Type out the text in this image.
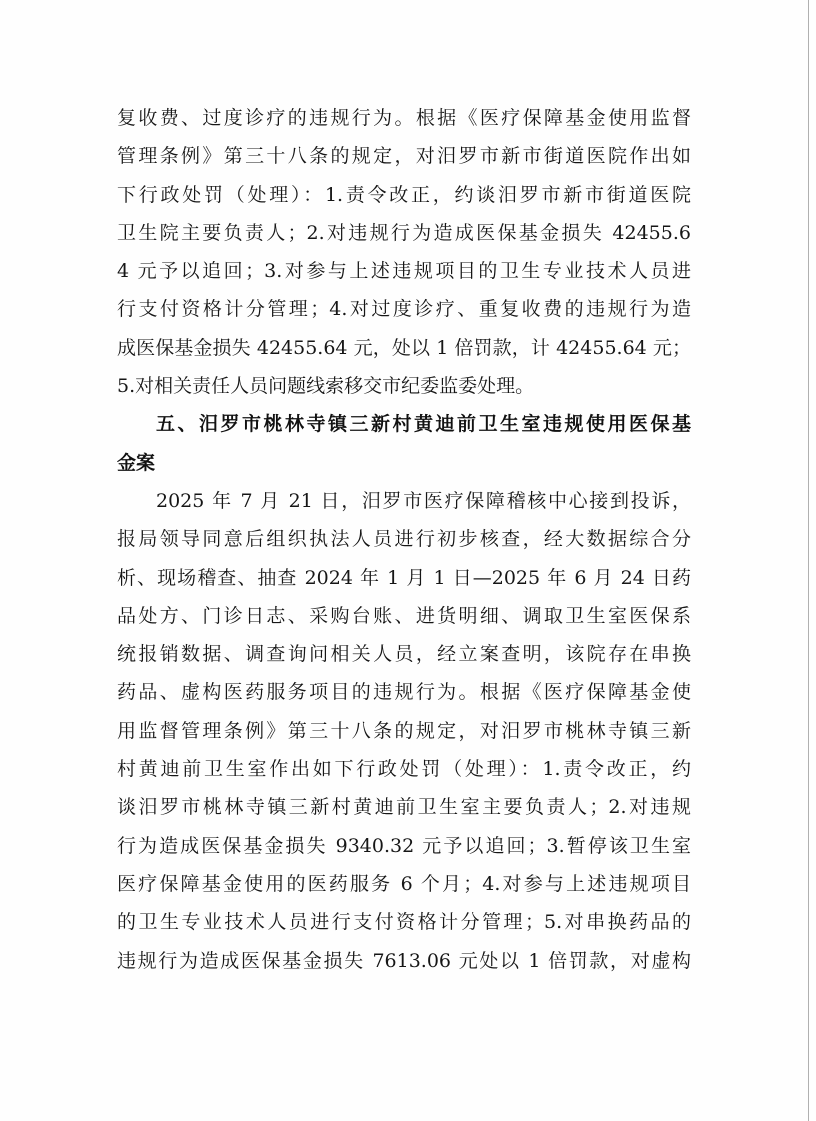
复收费、过度诊疗的违规行为。根据《医疗保障基金使用监督
管理条例》第三十八条的规定，对汨罗市新市街道医院作出如
下行政处罚（处理）：1.责令改正，约谈汨罗市新市街道医院
卫生院主要负责人；2.对违规行为造成医保基金损失 42455.6
4 元予以追回；3.对参与上述违规项目的卫生专业技术人员进
行支付资格计分管理；4.对过度诊疗、重复收费的违规行为造
成医保基金损失 42455.64 元，处以 1 倍罚款，计 42455.64 元；
5.对相关责任人员问题线索移交市纪委监委处理。
五、汨罗市桃林寺镇三新村黄迪前卫生室违规使用医保基
金案
2025 年 7 月 21 日，汨罗市医疗保障稽核中心接到投诉，
报局领导同意后组织执法人员进行初步核查，经大数据综合分
析、现场稽查、抽查 2024 年 1 月 1 日—2025 年 6 月 24 日药
品处方、门诊日志、采购台账、进货明细、调取卫生室医保系
统报销数据、调查询问相关人员，经立案查明，该院存在串换
药品、虚构医药服务项目的违规行为。根据《医疗保障基金使
用监督管理条例》第三十八条的规定，对汨罗市桃林寺镇三新
村黄迪前卫生室作出如下行政处罚（处理）：1.责令改正，约
谈汨罗市桃林寺镇三新村黄迪前卫生室主要负责人；2.对违规
行为造成医保基金损失 9340.32 元予以追回；3.暂停该卫生室
医疗保障基金使用的医药服务 6 个月；4.对参与上述违规项目
的卫生专业技术人员进行支付资格计分管理；5.对串换药品的
违规行为造成医保基金损失 7613.06 元处以 1 倍罚款，对虚构
